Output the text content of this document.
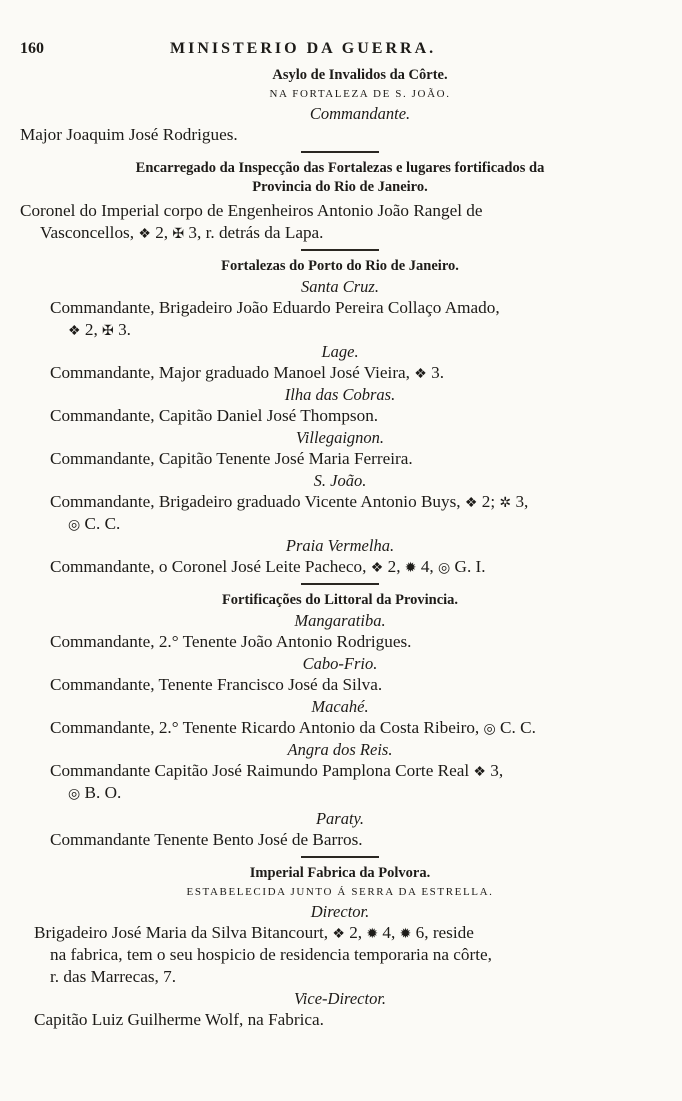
160	MINISTERIO DA GUERRA.
Asylo de Invalidos da Côrte.
NA FORTALEZA DE S. JOÃO.
Commandante.
Major Joaquim José Rodrigues.
Encarregado da Inspecção das Fortalezas e lugares fortificados da
Provincia do Rio de Janeiro.
Coronel do Imperial corpo de Engenheiros Antonio João Rangel de
Vasconcellos, ❖ 2, ✠ 3, r. detrás da Lapa.
Fortalezas do Porto do Rio de Janeiro.
Santa Cruz.
Commandante, Brigadeiro João Eduardo Pereira Collaço Amado,
❖ 2, ✠ 3.
Lage.
Commandante, Major graduado Manoel José Vieira, ❖ 3.
Ilha das Cobras.
Commandante, Capitão Daniel José Thompson.
Villegaignon.
Commandante, Capitão Tenente José Maria Ferreira.
S. João.
Commandante, Brigadeiro graduado Vicente Antonio Buys, ❖ 2; ✲ 3,
◎ C. C.
Praia Vermelha.
Commandante, o Coronel José Leite Pacheco, ❖ 2, ✹ 4, ◎ G. I.
Fortificações do Littoral da Provincia.
Mangaratiba.
Commandante, 2.° Tenente João Antonio Rodrigues.
Cabo-Frio.
Commandante, Tenente Francisco José da Silva.
Macahé.
Commandante, 2.° Tenente Ricardo Antonio da Costa Ribeiro, ◎ C. C.
Angra dos Reis.
Commandante Capitão José Raimundo Pamplona Corte Real ❖ 3,
◎ B. O.
Paraty.
Commandante Tenente Bento José de Barros.
Imperial Fabrica da Polvora.
ESTABELECIDA JUNTO Á SERRA DA ESTRELLA.
Director.
Brigadeiro José Maria da Silva Bitancourt, ❖ 2, ✹ 4, ✹ 6, reside
na fabrica, tem o seu hospicio de residencia temporaria na côrte,
r. das Marrecas, 7.
Vice-Director.
Capitão Luiz Guilherme Wolf, na Fabrica.
